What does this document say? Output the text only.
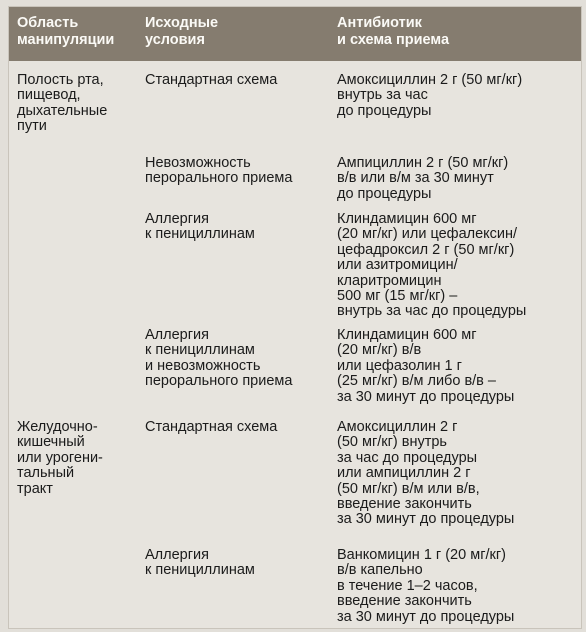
Область
манипуляции
Исходные
условия
Антибиотик
и схема приема
Полость рта,
пищевод,
дыхательные
пути
Стандартная схема	Амоксициллин 2 г (50 мг/кг)
внутрь за час
до процедуры
Невозможность
перорального приема
Ампициллин 2 г (50 мг/кг)
в/в или в/м за 30 минут
до процедуры
Аллергия
к пенициллинам
Клиндамицин 600 мг
(20 мг/кг) или цефалексин/
цефадроксил 2 г (50 мг/кг)
или азитромицин/
кларитромицин
500 мг (15 мг/кг) –
внутрь за час до процедуры
Аллергия
к пенициллинам
и невозможность
перорального приема
Клиндамицин 600 мг
(20 мг/кг) в/в
или цефазолин 1 г
(25 мг/кг) в/м либо в/в –
за 30 минут до процедуры
Желудочно-
кишечный
или урогени-
тальный
тракт
Стандартная схема	Амоксициллин 2 г
(50 мг/кг) внутрь
за час до процедуры
или ампициллин 2 г
(50 мг/кг) в/м или в/в,
введение закончить
за 30 минут до процедуры
Аллергия
к пенициллинам
Ванкомицин 1 г (20 мг/кг)
в/в капельно
в течение 1–2 часов,
введение закончить
за 30 минут до процедуры
